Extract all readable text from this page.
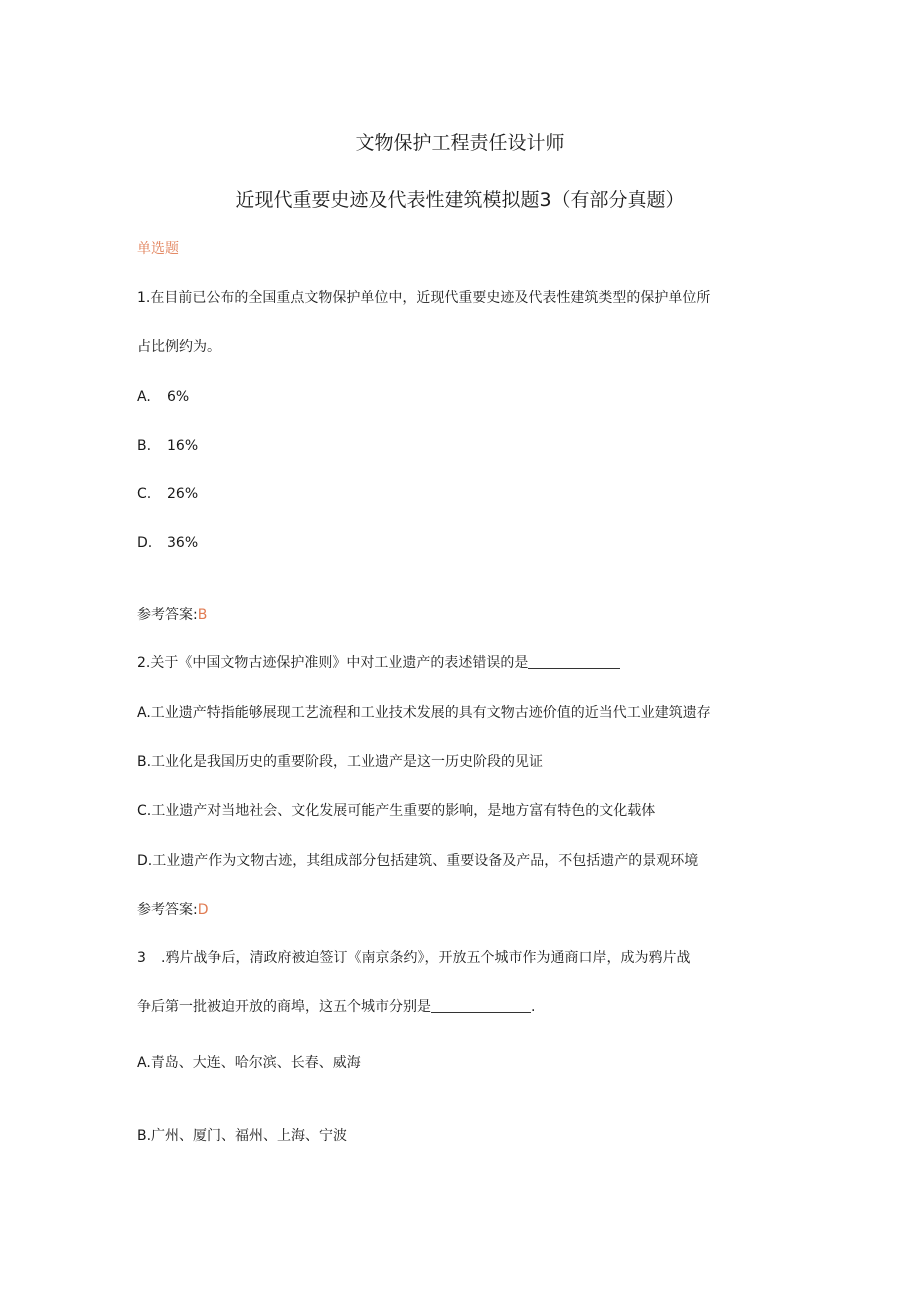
文物保护工程责任设计师
近现代重要史迹及代表性建筑模拟题3（有部分真题）
单选题
1.在目前已公布的全国重点文物保护单位中，近现代重要史迹及代表性建筑类型的保护单位所
占比例约为。
A. 6%
B. 16%
C. 26%
D. 36%
参考答案:B
2.关于《中国文物古迹保护准则》中对工业遗产的表述错误的是
A.工业遗产特指能够展现工艺流程和工业技术发展的具有文物古迹价值的近当代工业建筑遗存
B.工业化是我国历史的重要阶段，工业遗产是这一历史阶段的见证
C.工业遗产对当地社会、文化发展可能产生重要的影响，是地方富有特色的文化载体
D.工业遗产作为文物古迹，其组成部分包括建筑、重要设备及产品，不包括遗产的景观环境
参考答案:D
3 .鸦片战争后，清政府被迫签订《南京条约》，开放五个城市作为通商口岸，成为鸦片战
争后第一批被迫开放的商埠，这五个城市分别是	.
A.青岛、大连、哈尔滨、长春、威海
B.广州、厦门、福州、上海、宁波
